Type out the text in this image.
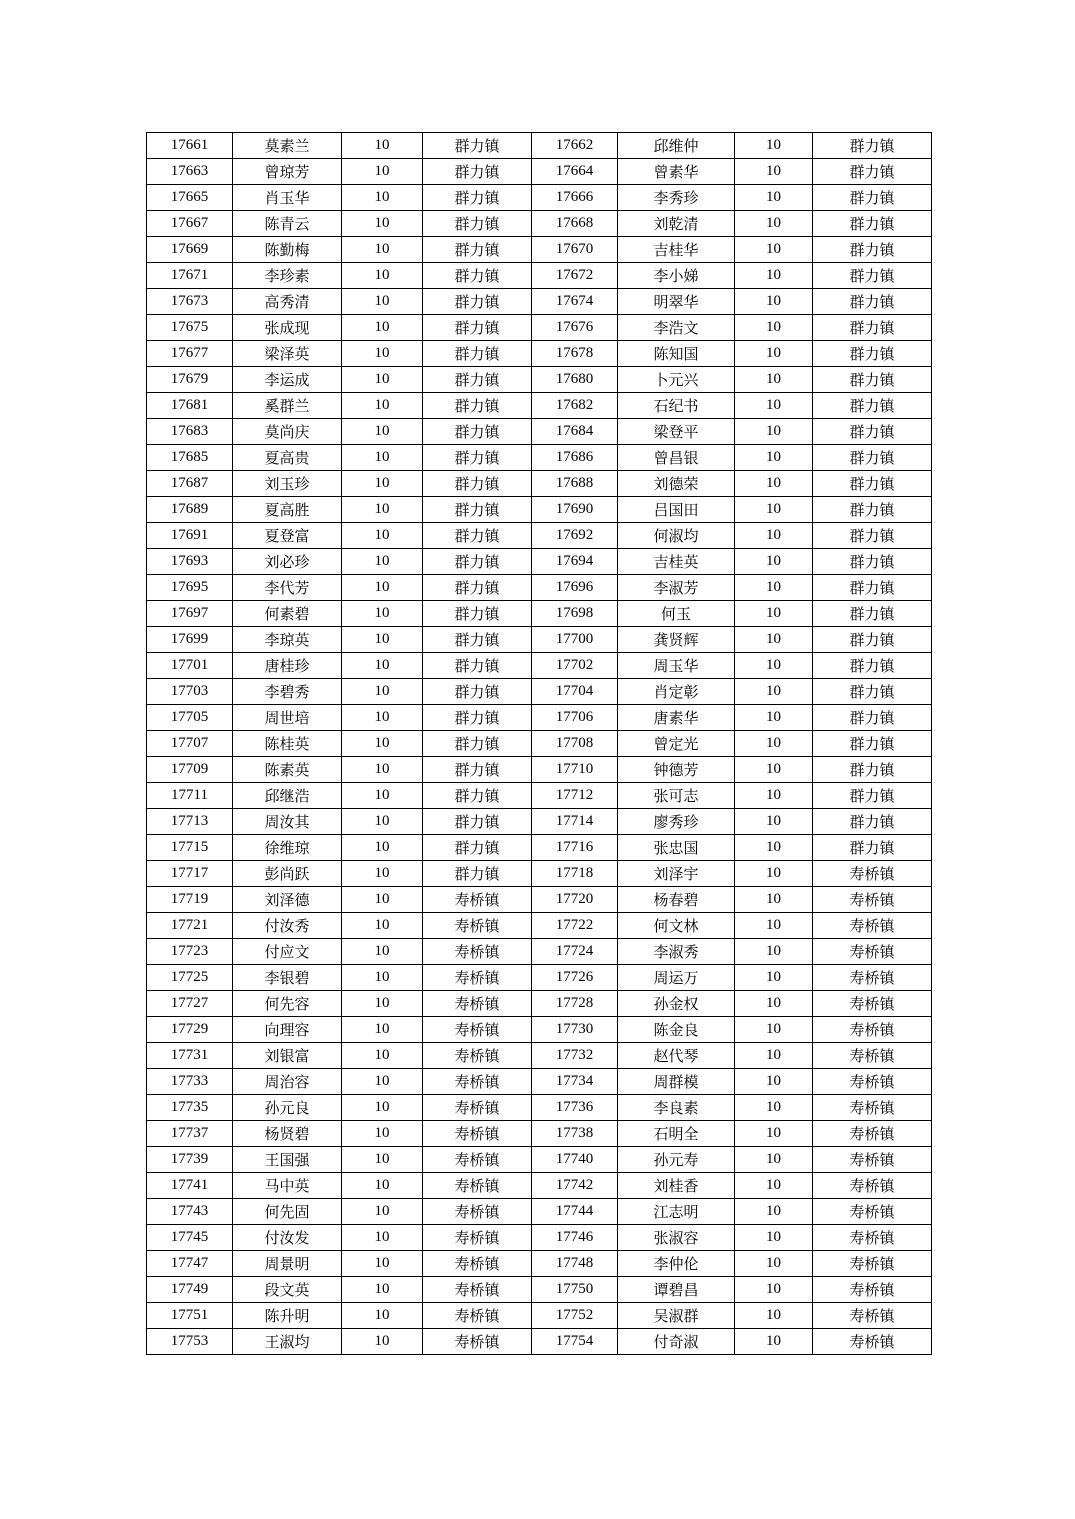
17661	莫素兰	10	群力镇	17662	邱维仲	10	群力镇
17663	曾琼芳	10	群力镇	17664	曾素华	10	群力镇
17665	肖玉华	10	群力镇	17666	李秀珍	10	群力镇
17667	陈青云	10	群力镇	17668	刘乾清	10	群力镇
17669	陈勤梅	10	群力镇	17670	吉桂华	10	群力镇
17671	李珍素	10	群力镇	17672	李小娣	10	群力镇
17673	高秀清	10	群力镇	17674	明翠华	10	群力镇
17675	张成现	10	群力镇	17676	李浩文	10	群力镇
17677	梁泽英	10	群力镇	17678	陈知国	10	群力镇
17679	李运成	10	群力镇	17680	卜元兴	10	群力镇
17681	奚群兰	10	群力镇	17682	石纪书	10	群力镇
17683	莫尚庆	10	群力镇	17684	梁登平	10	群力镇
17685	夏高贵	10	群力镇	17686	曾昌银	10	群力镇
17687	刘玉珍	10	群力镇	17688	刘德荣	10	群力镇
17689	夏高胜	10	群力镇	17690	吕国田	10	群力镇
17691	夏登富	10	群力镇	17692	何淑均	10	群力镇
17693	刘必珍	10	群力镇	17694	吉桂英	10	群力镇
17695	李代芳	10	群力镇	17696	李淑芳	10	群力镇
17697	何素碧	10	群力镇	17698	何玉	10	群力镇
17699	李琼英	10	群力镇	17700	龚贤辉	10	群力镇
17701	唐桂珍	10	群力镇	17702	周玉华	10	群力镇
17703	李碧秀	10	群力镇	17704	肖定彰	10	群力镇
17705	周世培	10	群力镇	17706	唐素华	10	群力镇
17707	陈桂英	10	群力镇	17708	曾定光	10	群力镇
17709	陈素英	10	群力镇	17710	钟德芳	10	群力镇
17711	邱继浩	10	群力镇	17712	张可志	10	群力镇
17713	周汝其	10	群力镇	17714	廖秀珍	10	群力镇
17715	徐维琼	10	群力镇	17716	张忠国	10	群力镇
17717	彭尚跃	10	群力镇	17718	刘泽宇	10	寿桥镇
17719	刘泽德	10	寿桥镇	17720	杨春碧	10	寿桥镇
17721	付汝秀	10	寿桥镇	17722	何文林	10	寿桥镇
17723	付应文	10	寿桥镇	17724	李淑秀	10	寿桥镇
17725	李银碧	10	寿桥镇	17726	周运万	10	寿桥镇
17727	何先容	10	寿桥镇	17728	孙金权	10	寿桥镇
17729	向理容	10	寿桥镇	17730	陈金良	10	寿桥镇
17731	刘银富	10	寿桥镇	17732	赵代琴	10	寿桥镇
17733	周治容	10	寿桥镇	17734	周群模	10	寿桥镇
17735	孙元良	10	寿桥镇	17736	李良素	10	寿桥镇
17737	杨贤碧	10	寿桥镇	17738	石明全	10	寿桥镇
17739	王国强	10	寿桥镇	17740	孙元寿	10	寿桥镇
17741	马中英	10	寿桥镇	17742	刘桂香	10	寿桥镇
17743	何先固	10	寿桥镇	17744	江志明	10	寿桥镇
17745	付汝发	10	寿桥镇	17746	张淑容	10	寿桥镇
17747	周景明	10	寿桥镇	17748	李仲伦	10	寿桥镇
17749	段文英	10	寿桥镇	17750	谭碧昌	10	寿桥镇
17751	陈升明	10	寿桥镇	17752	吴淑群	10	寿桥镇
17753	王淑均	10	寿桥镇	17754	付奇淑	10	寿桥镇
